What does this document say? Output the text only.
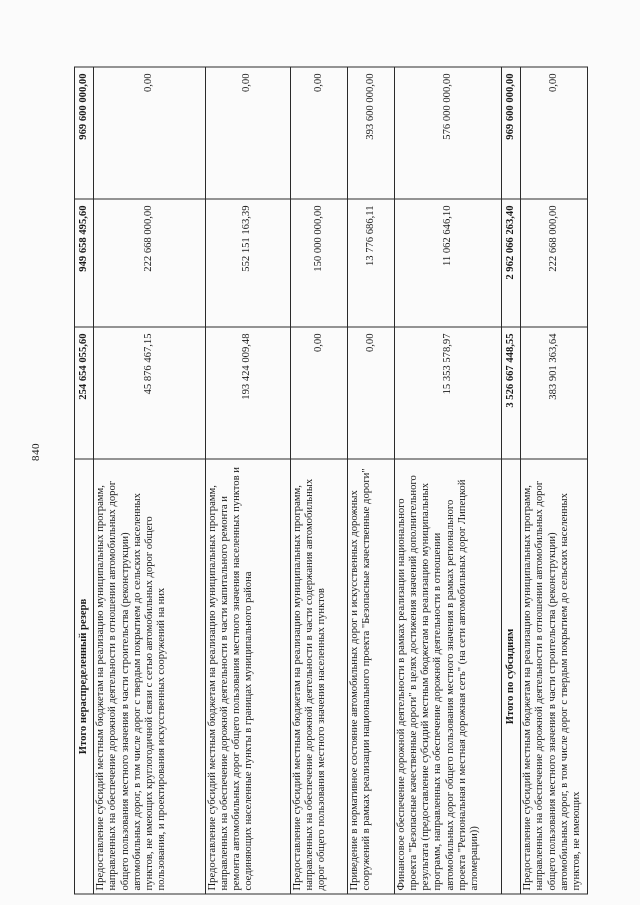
840
Итого нераспределенный резерв	254 654 055,60	949 658 495,60	969 600 000,00
Предоставление субсидий местным бюджетам на реализацию муниципальных программ, направленных на обеспечение дорожной деятельности в отношении автомобильных дорог общего пользования местного значения в части строительства (реконструкции) автомобильных дорог, в том числе дорог с твердым покрытием до сельских населенных пунктов, не имеющих круглогодичной связи с сетью автомобильных дорог общего пользования, и проектирования искусственных сооружений на них	45 876 467,15	222 668 000,00	0,00
Предоставление субсидий местным бюджетам на реализацию муниципальных программ, направленных на обеспечение дорожной деятельности в части капитального ремонта и ремонта автомобильных дорог общего пользования местного значения населенных пунктов и соединяющих населенные пункты в границах муниципального района	193 424 009,48	552 151 163,39	0,00
Предоставление субсидий местным бюджетам на реализацию муниципальных программ, направленных на обеспечение дорожной деятельности в части содержания автомобильных дорог общего пользования местного значения населенных пунктов	0,00	150 000 000,00	0,00
Приведение в нормативное состояние автомобильных дорог и искусственных дорожных сооружений в рамках реализации национального проекта "Безопасные качественные дороги"	0,00	13 776 686,11	393 600 000,00
Финансовое обеспечение дорожной деятельности в рамках реализации национального проекта "Безопасные качественные дороги" в целях достижения значений дополнительного результата (предоставление субсидий местным бюджетам на реализацию муниципальных программ, направленных на обеспечение дорожной деятельности в отношении автомобильных дорог общего пользования местного значения в рамках регионального проекта "Региональная и местная дорожная сеть" (на сети автомобильных дорог Липецкой агломерации))	15 353 578,97	11 062 646,10	576 000 000,00
Итого по субсидиям	3 526 667 448,55	2 962 066 263,40	969 600 000,00
Предоставление субсидий местным бюджетам на реализацию муниципальных программ, направленных на обеспечение дорожной деятельности в отношении автомобильных дорог общего пользования местного значения в части строительства (реконструкции) автомобильных дорог, в том числе дорог с твердым покрытием до сельских населенных пунктов, не имеющих	383 901 363,64	222 668 000,00	0,00
